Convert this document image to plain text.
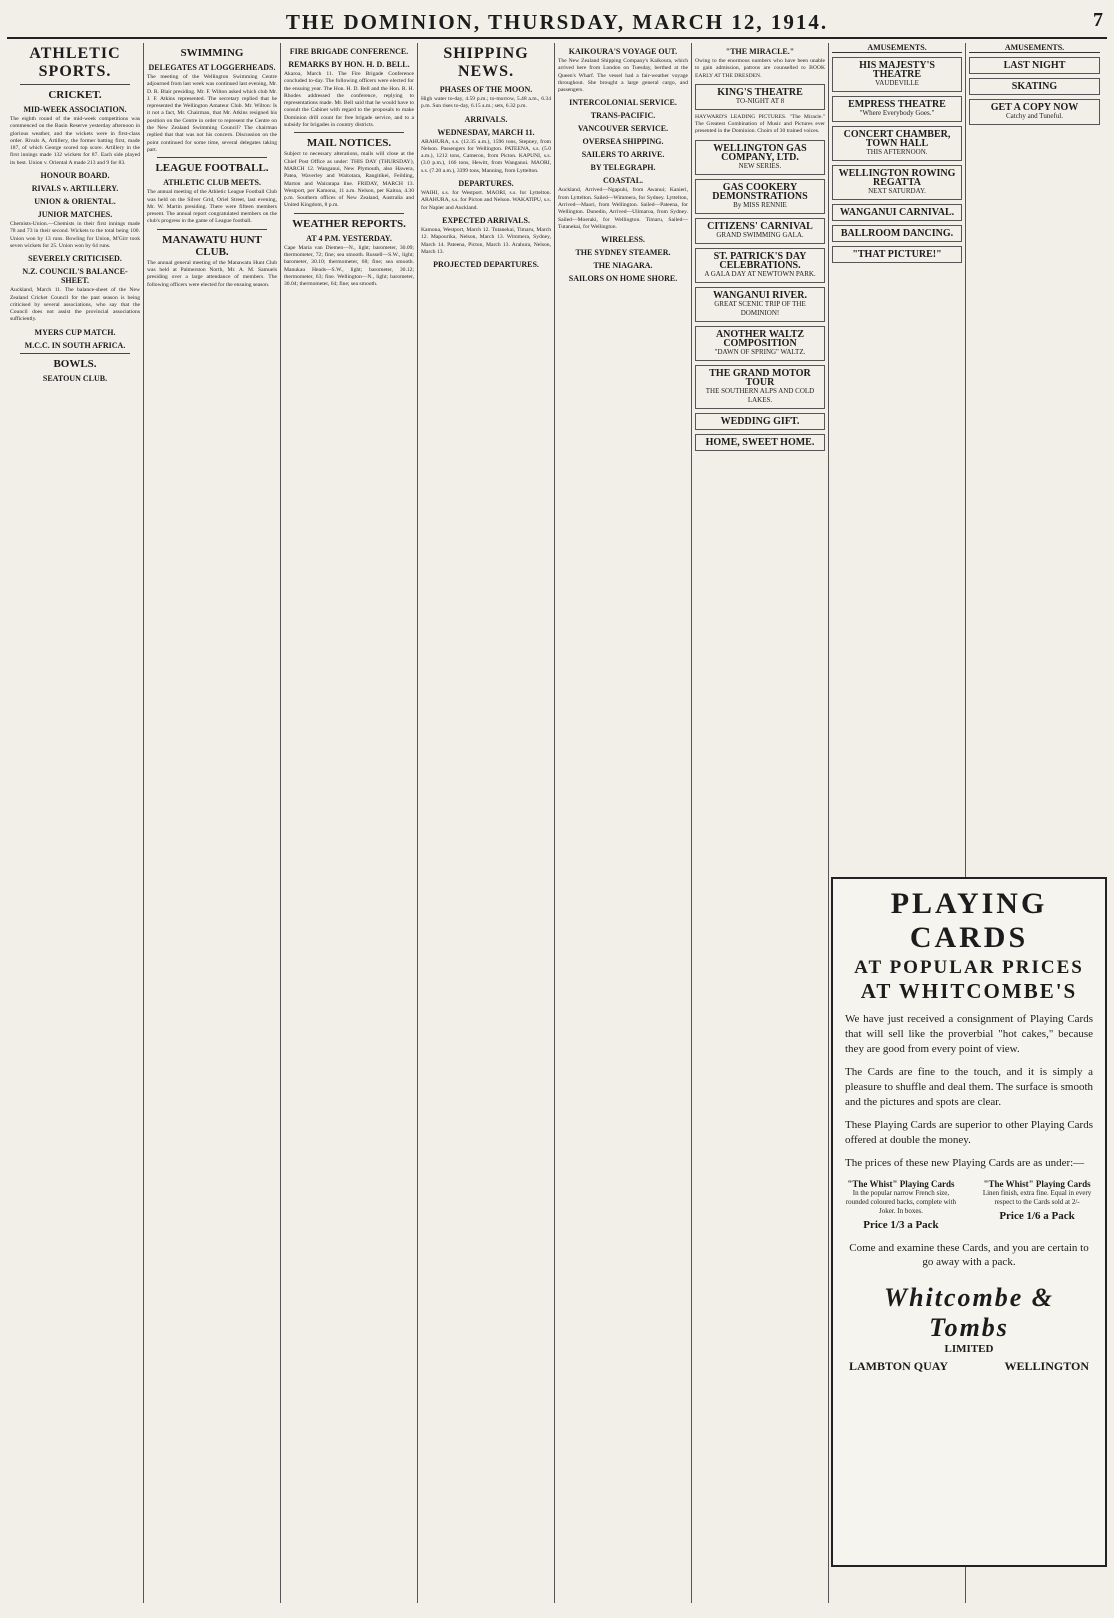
THE DOMINION, THURSDAY, MARCH 12, 1914.	7
ATHLETIC SPORTS.
CRICKET.
MID-WEEK ASSOCIATION.
The eighth round of the mid-week competitions was commenced on the Basin Reserve yesterday afternoon in glorious weather, and the wickets were in first-class order. Rivals A, Artillery, the former batting first, made 187, of which George scored top score. Artillery in the first innings made 132 wickets for 87. Each side played its best. Union v. Oriental A made 213 and 9 for 83.
HONOUR BOARD.
RIVALS v. ARTILLERY.
UNION & ORIENTAL.
JUNIOR MATCHES.
Chemists-Union.—Chemists in their first innings made 78 and 73 in their second. Wickets to the total being 100. Union won by 13 runs. Bowling for Union, M'Girr took seven wickets for 25. Union won by 64 runs.
SEVERELY CRITICISED.
N.Z. COUNCIL'S BALANCE-SHEET.
Auckland, March 11. The balance-sheet of the New Zealand Cricket Council for the past season is being criticised by several associations, who say that the Council does not assist the provincial associations sufficiently.
MYERS CUP MATCH.
M.C.C. IN SOUTH AFRICA.
BOWLS.
SEATOUN CLUB.
SWIMMING
DELEGATES AT LOGGERHEADS.
The meeting of the Wellington Swimming Centre adjourned from last week was continued last evening, Mr. D. R. Blair presiding. Mr. F. Wilton asked which club Mr. J. F. Atkins represented. The secretary replied that he represented the Wellington Amateur Club. Mr. Wilton: Is it not a fact, Mr. Chairman, that Mr. Atkins resigned his position on the Centre in order to represent the Centre on the New Zealand Swimming Council? The chairman replied that that was not his concern. Discussion on the point continued for some time, several delegates taking part.
LEAGUE FOOTBALL.
ATHLETIC CLUB MEETS.
The annual meeting of the Athletic League Football Club was held on the Silver Grid, Oriel Street, last evening, Mr. W. Martin presiding. There were fifteen members present. The annual report congratulated members on the club's progress in the game of League football.
MANAWATU HUNT CLUB.
The annual general meeting of the Manawatu Hunt Club was held at Palmerston North, Mr. A. M. Samuels presiding over a large attendance of members. The following officers were elected for the ensuing season.
FIRE BRIGADE CONFERENCE.
REMARKS BY HON. H. D. BELL.
Akaroa, March 11. The Fire Brigade Conference concluded to-day. The following officers were elected for the ensuing year. The Hon. H. D. Bell and the Hon. R. H. Rhodes addressed the conference, replying to representations made. Mr. Bell said that he would have to consult the Cabinet with regard to the proposals to make Dominion drill count for free brigade service, and to a subsidy for brigades in country districts.
MAIL NOTICES.
Subject to necessary alterations, mails will close at the Chief Post Office as under: THIS DAY (THURSDAY), MARCH 12. Wanganui, New Plymouth, also Hawera, Patea, Waverley and Waitotara, Rangitikei, Feilding, Marton and Wairarapa line. FRIDAY, MARCH 13. Westport, per Kamona, 11 a.m. Nelson, per Kaitoa, 4.30 p.m. Southern offices of New Zealand, Australia and United Kingdom, 8 p.m.
WEATHER REPORTS.
AT 4 P.M. YESTERDAY.
Cape Maria van Diemen—N., light; barometer, 30.09; thermometer, 72; fine; sea smooth. Russell—S.W., light; barometer, 30.10; thermometer, 68; fine; sea smooth. Manukau Heads—S.W., light; barometer, 30.12; thermometer, 63; fine. Wellington—N., light; barometer, 30.04; thermometer, 64; fine; sea smooth.
SHIPPING NEWS.
PHASES OF THE MOON.
High water to-day, 4.59 p.m.; to-morrow, 5.48 a.m., 6.34 p.m. Sun rises to-day, 6.15 a.m.; sets, 6.32 p.m.
ARRIVALS.
WEDNESDAY, MARCH 11.
ARAHURA, s.s. (12.35 a.m.), 1596 tons, Stepney, from Nelson. Passengers for Wellington. PATEENA, s.s. (5.0 a.m.), 1212 tons, Cameron, from Picton. KAPUNI, s.s. (3.0 p.m.), 166 tons, Hewitt, from Wanganui. MAORI, s.s. (7.20 a.m.), 3399 tons, Manning, from Lyttelton.
DEPARTURES.
WAIHI, s.s. for Westport. MAORI, s.s. for Lyttelton. ARAHURA, s.s. for Picton and Nelson. WAKATIPU, s.s. for Napier and Auckland.
EXPECTED ARRIVALS.
Kamona, Westport, March 12. Tutanekai, Timaru, March 12. Mapourika, Nelson, March 13. Wimmera, Sydney, March 14. Pateena, Picton, March 13. Arahura, Nelson, March 13.
PROJECTED DEPARTURES.
KAIKOURA'S VOYAGE OUT.
The New Zealand Shipping Company's Kaikoura, which arrived here from London on Tuesday, berthed at the Queen's Wharf. The vessel had a fair-weather voyage throughout. She brought a large general cargo, and passengers.
INTERCOLONIAL SERVICE.
TRANS-PACIFIC.
VANCOUVER SERVICE.
OVERSEA SHIPPING.
SAILERS TO ARRIVE.
BY TELEGRAPH.
COASTAL.
Auckland, Arrived—Ngapuhi, from Awanui; Kanieri, from Lyttelton. Sailed—Wimmera, for Sydney. Lyttelton, Arrived—Maori, from Wellington. Sailed—Pateena, for Wellington. Dunedin, Arrived—Ulimaroa, from Sydney. Sailed—Moeraki, for Wellington. Timaru, Sailed—Tutanekai, for Wellington.
WIRELESS.
THE SYDNEY STEAMER.
THE NIAGARA.
SAILORS ON HOME SHORE.
"THE MIRACLE."
Owing to the enormous numbers who have been unable to gain admission, patrons are counselled to BOOK EARLY AT THE DRESDEN.
KING'S THEATRE
TO-NIGHT AT 8
HAYWARD'S LEADING PICTURES. "The Miracle." The Greatest Combination of Music and Pictures ever presented in the Dominion. Choirs of 30 trained voices.
WELLINGTON GAS COMPANY, LTD.
NEW SERIES.
GAS COOKERY DEMONSTRATIONS
By MISS RENNIE
CITIZENS' CARNIVAL
GRAND SWIMMING GALA.
ST. PATRICK'S DAY CELEBRATIONS.
A GALA DAY AT NEWTOWN PARK.
WANGANUI RIVER.
GREAT SCENIC TRIP OF THE DOMINION!
ANOTHER WALTZ COMPOSITION
"DAWN OF SPRING" WALTZ.
THE GRAND MOTOR TOUR
THE SOUTHERN ALPS AND COLD LAKES.
WEDDING GIFT.
HOME, SWEET HOME.
AMUSEMENTS.
HIS MAJESTY'S THEATRE
VAUDEVILLE
EMPRESS THEATRE
"Where Everybody Goes."
CONCERT CHAMBER, TOWN HALL
THIS AFTERNOON.
WELLINGTON ROWING REGATTA
NEXT SATURDAY.
WANGANUI CARNIVAL.
BALLROOM DANCING.
"THAT PICTURE!"
AMUSEMENTS.
LAST NIGHT
SKATING
GET A COPY NOW
Catchy and Tuneful.
PLAYING CARDS
AT POPULAR PRICES
AT WHITCOMBE'S
We have just received a consignment of Playing Cards that will sell like the proverbial "hot cakes," because they are good from every point of view.
The Cards are fine to the touch, and it is simply a pleasure to shuffle and deal them. The surface is smooth and the pictures and spots are clear.
These Playing Cards are superior to other Playing Cards offered at double the money.
The prices of these new Playing Cards are as under:—
"The Whist" Playing Cards
In the popular narrow French size, rounded coloured backs, complete with Joker. In boxes.
Price 1/3 a Pack
"The Whist" Playing Cards
Linen finish, extra fine. Equal in every respect to the Cards sold at 2/-
Price 1/6 a Pack
Come and examine these Cards, and you are certain to go away with a pack.
Whitcombe & Tombs
LIMITED
LAMBTON QUAY	WELLINGTON
